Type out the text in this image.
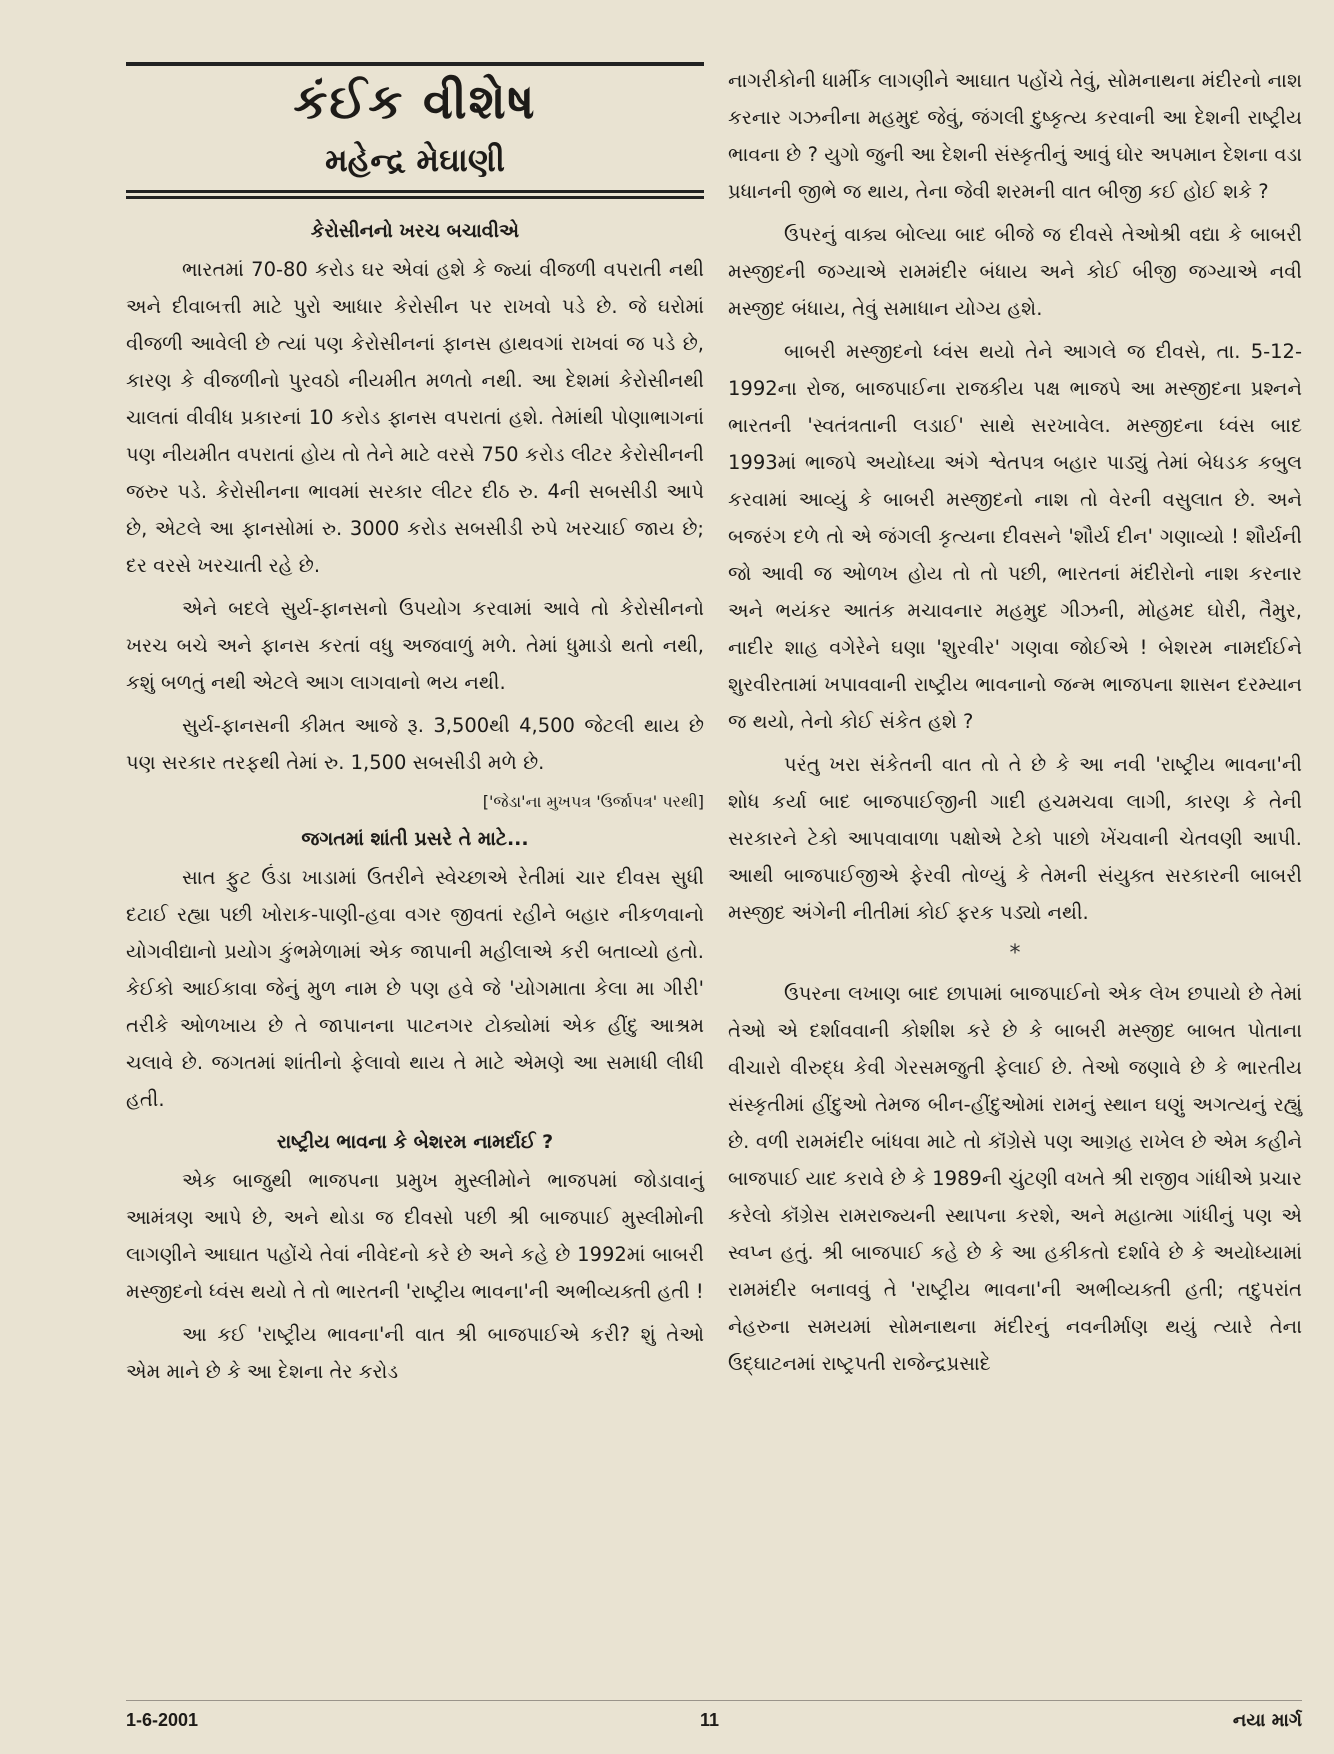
કંઈક વીશેષ
મહેન્દ્ર મેઘાણી
કેરોસીનનો ખરચ બચાવીએ

ભારતમાં 70-80 કરોડ ઘર એવાં હશે કે જ્યાં વીજળી વપરાતી નથી અને દીવાબત્તી માટે પુરો આધાર કેરોસીન પર રાખવો પડે છે. જે ઘરોમાં વીજળી આવેલી છે ત્યાં પણ કેરોસીનનાં ફાનસ હાથવગાં રાખવાં જ પડે છે, કારણ કે વીજળીનો પુરવઠો નીયમીત મળતો નથી. આ દેશમાં કેરોસીનથી ચાલતાં વીવીધ પ્રકારનાં 10 કરોડ ફાનસ વપરાતાં હશે. તેમાંથી પોણાભાગનાં પણ નીયમીત વપરાતાં હોય તો તેને માટે વરસે 750 કરોડ લીટર કેરોસીનની જરુર પડે. કેરોસીનના ભાવમાં સરકાર લીટર દીઠ રુ. 4ની સબસીડી આપે છે, એટલે આ ફાનસોમાં રુ. 3000 કરોડ સબસીડી રુપે ખરચાઈ જાય છે; દર વરસે ખરચાતી રહે છે.

એને બદલે સુર્ય-ફાનસનો ઉપયોગ કરવામાં આવે તો કેરોસીનનો ખરચ બચે અને ફાનસ કરતાં વધુ અજવાળું મળે. તેમાં ધુમાડો થતો નથી, કશું બળતું નથી એટલે આગ લાગવાનો ભય નથી.

સુર્ય-ફાનસની કીમત આજે રૂ. 3,500થી 4,500 જેટલી થાય છે પણ સરકાર તરફથી તેમાં રુ. 1,500 સબસીડી મળે છે.

['જેડા'ના મુખપત્ર 'ઉર્જાપત્ર' પરથી]
જગતમાં શાંતી પ્રસરે તે માટે...

સાત ફુટ ઉંડા ખાડામાં ઉતરીને સ્વેચ્છાએ રેતીમાં ચાર દીવસ સુધી દટાઈ રહ્યા પછી ખોરાક-પાણી-હવા વગર જીવતાં રહીને બહાર નીકળવાનો યોગવીદ્યાનો પ્રયોગ કુંભમેળામાં એક જાપાની મહીલાએ કરી બતાવ્યો હતો. કેઈકો આઈકાવા જેનું મુળ નામ છે પણ હવે જે 'યોગમાતા કેલા મા ગીરી' તરીકે ઓળખાય છે તે જાપાનના પાટનગર ટોક્યોમાં એક હીંદુ આશ્રમ ચલાવે છે. જગતમાં શાંતીનો ફેલાવો થાય તે માટે એમણે આ સમાધી લીધી હતી.

રાષ્ટ્રીય ભાવના કે બેશરમ નામર્દાઈ ?

એક બાજુથી ભાજપના પ્રમુખ મુસ્લીમોને ભાજપમાં જોડાવાનું આમંત્રણ આપે છે, અને થોડા જ દીવસો પછી શ્રી બાજપાઈ મુસ્લીમોની લાગણીને આઘાત પહોંચે તેવાં નીવેદનો કરે છે અને કહે છે 1992માં બાબરી મસ્જીદનો ધ્વંસ થયો તે તો ભારતની 'રાષ્ટ્રીય ભાવના'ની અભીવ્યક્તી હતી !

આ કઈ 'રાષ્ટ્રીય ભાવના'ની વાત શ્રી બાજપાઈએ કરી? શું તેઓ એમ માને છે કે આ દેશના તેર કરોડ

નાગરીકોની ધાર્મીક લાગણીને આઘાત પહોંચે તેવું, સોમનાથના મંદીરનો નાશ કરનાર ગઝનીના મહમુદ જેવું, જંગલી દુષ્કૃત્ય કરવાની આ દેશની રાષ્ટ્રીય ભાવના છે ? યુગો જુની આ દેશની સંસ્કૃતીનું આવું ઘોર અપમાન દેશના વડા પ્રધાનની જીભે જ થાય, તેના જેવી શરમની વાત બીજી કઈ હોઈ શકે ?

ઉપરનું વાક્ય બોલ્યા બાદ બીજે જ દીવસે તેઓશ્રી વદ્યા કે બાબરી મસ્જીદની જગ્યાએ રામમંદીર બંધાય અને કોઈ બીજી જગ્યાએ નવી મસ્જીદ બંધાય, તેવું સમાધાન યોગ્ય હશે.

બાબરી મસ્જીદનો ધ્વંસ થયો તેને આગલે જ દીવસે, તા. 5-12-1992ના રોજ, બાજપાઈના રાજકીય પક્ષ ભાજપે આ મસ્જીદના પ્રશ્નને ભારતની 'સ્વતંત્રતાની લડાઈ' સાથે સરખાવેલ. મસ્જીદના ધ્વંસ બાદ 1993માં ભાજપે અયોધ્યા અંગે શ્વેતપત્ર બહાર પાડ્યું તેમાં બેધડક કબુલ કરવામાં આવ્યું કે બાબરી મસ્જીદનો નાશ તો વેરની વસુલાત છે. અને બજરંગ દળે તો એ જંગલી કૃત્યના દીવસને 'શૌર્ય દીન' ગણાવ્યો ! શૌર્યની જો આવી જ ઓળખ હોય તો તો પછી, ભારતનાં મંદીરોનો નાશ કરનાર અને ભયંકર આતંક મચાવનાર મહમુદ ગીઝની, મોહમદ ઘોરી, તૈમુર, નાદીર શાહ વગેરેને ઘણા 'શુરવીર' ગણવા જોઈએ ! બેશરમ નામર્દાઈને શુરવીરતામાં ખપાવવાની રાષ્ટ્રીય ભાવનાનો જન્મ ભાજપના શાસન દરમ્યાન જ થયો, તેનો કોઈ સંકેત હશે ?

પરંતુ ખરા સંકેતની વાત તો તે છે કે આ નવી 'રાષ્ટ્રીય ભાવના'ની શોધ કર્યા બાદ બાજપાઈજીની ગાદી હચમચવા લાગી, કારણ કે તેની સરકારને ટેકો આપવાવાળા પક્ષોએ ટેકો પાછો ખેંચવાની ચેતવણી આપી. આથી બાજપાઈજીએ ફેરવી તોળ્યું કે તેમની સંયુક્ત સરકારની બાબરી મસ્જીદ અંગેની નીતીમાં કોઈ ફરક પડ્યો નથી.

*

ઉપરના લખાણ બાદ છાપામાં બાજપાઈનો એક લેખ છપાયો છે તેમાં તેઓ એ દર્શાવવાની કોશીશ કરે છે કે બાબરી મસ્જીદ બાબત પોતાના વીચારો વીરુદ્ધ કેવી ગેરસમજુતી ફેલાઈ છે. તેઓ જણાવે છે કે ભારતીય સંસ્કૃતીમાં હીંદુઓ તેમજ બીન-હીંદુઓમાં રામનું સ્થાન ઘણું અગત્યનું રહ્યું છે. વળી રામમંદીર બાંધવા માટે તો કૉંગ્રેસે પણ આગ્રહ રાખેલ છે એમ કહીને બાજપાઈ યાદ કરાવે છે કે 1989ની ચુંટણી વખતે શ્રી રાજીવ ગાંધીએ પ્રચાર કરેલો કૉંગ્રેસ રામરાજ્યની સ્થાપના કરશે, અને મહાત્મા ગાંધીનું પણ એ સ્વપ્ન હતું. શ્રી બાજપાઈ કહે છે કે આ હકીકતો દર્શાવે છે કે અયોધ્યામાં રામમંદીર બનાવવું તે 'રાષ્ટ્રીય ભાવના'ની અભીવ્યક્તી હતી; તદુપરાંત નેહરુના સમયમાં સોમનાથના મંદીરનું નવનીર્માણ થયું ત્યારે તેના ઉદ્ઘાટનમાં રાષ્ટ્રપતી રાજેન્દ્રપ્રસાદે

1-6-2001	11	નયા માર્ગ
